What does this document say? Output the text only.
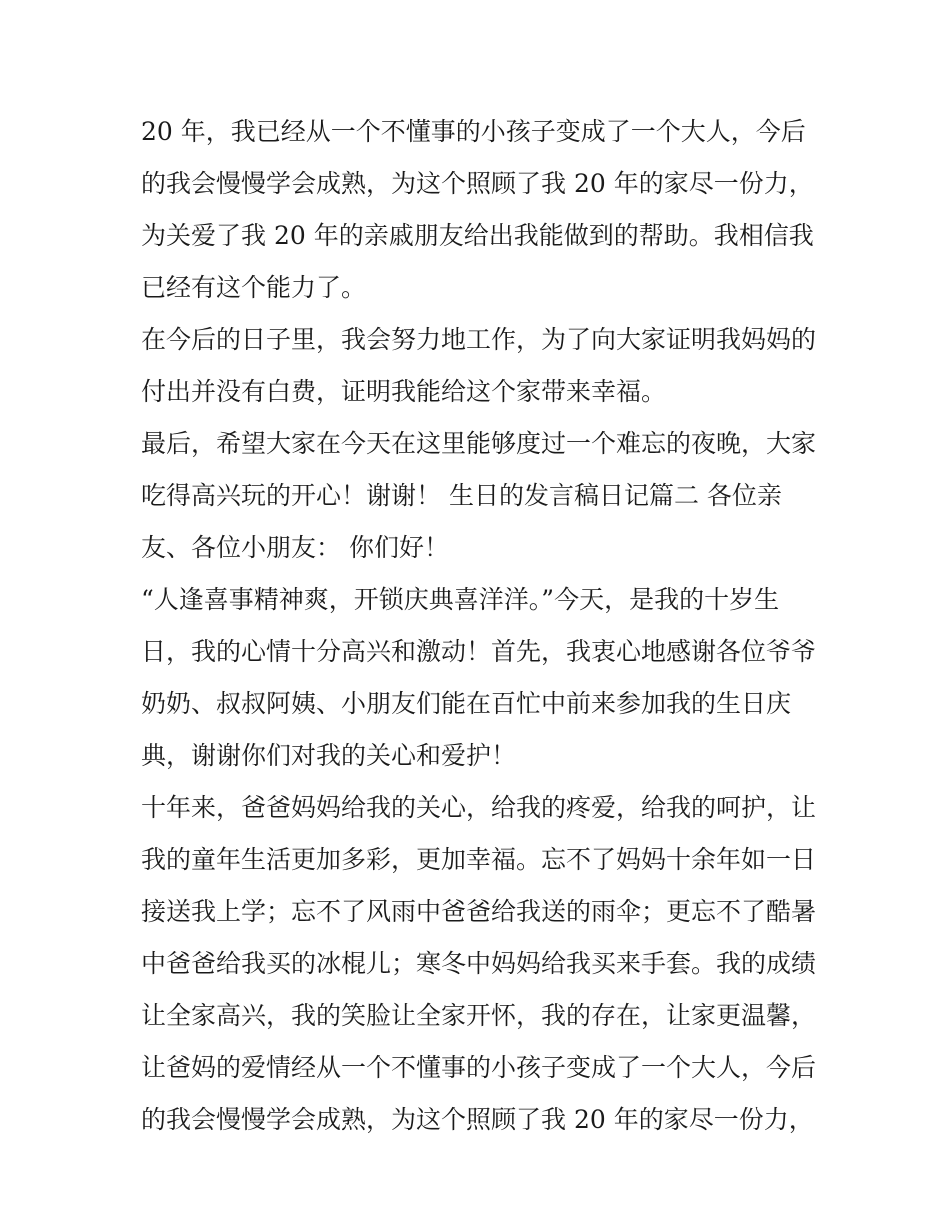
20 年，我已经从一个不懂事的小孩子变成了一个大人，今后
的我会慢慢学会成熟，为这个照顾了我 20 年的家尽一份力，
为关爱了我 20 年的亲戚朋友给出我能做到的帮助。我相信我
已经有这个能力了。
在今后的日子里，我会努力地工作，为了向大家证明我妈妈的
付出并没有白费，证明我能给这个家带来幸福。
最后，希望大家在今天在这里能够度过一个难忘的夜晚，大家
吃得高兴玩的开心！谢谢！ 生日的发言稿日记篇二 各位亲
友、各位小朋友： 你们好！
“人逢喜事精神爽，开锁庆典喜洋洋。”今天，是我的十岁生
日，我的心情十分高兴和激动！首先，我衷心地感谢各位爷爷
奶奶、叔叔阿姨、小朋友们能在百忙中前来参加我的生日庆
典，谢谢你们对我的关心和爱护！
十年来，爸爸妈妈给我的关心，给我的疼爱，给我的呵护，让
我的童年生活更加多彩，更加幸福。忘不了妈妈十余年如一日
接送我上学；忘不了风雨中爸爸给我送的雨伞；更忘不了酷暑
中爸爸给我买的冰棍儿；寒冬中妈妈给我买来手套。我的成绩
让全家高兴，我的笑脸让全家开怀，我的存在，让家更温馨，
让爸妈的爱情经从一个不懂事的小孩子变成了一个大人，今后
的我会慢慢学会成熟，为这个照顾了我 20 年的家尽一份力，
